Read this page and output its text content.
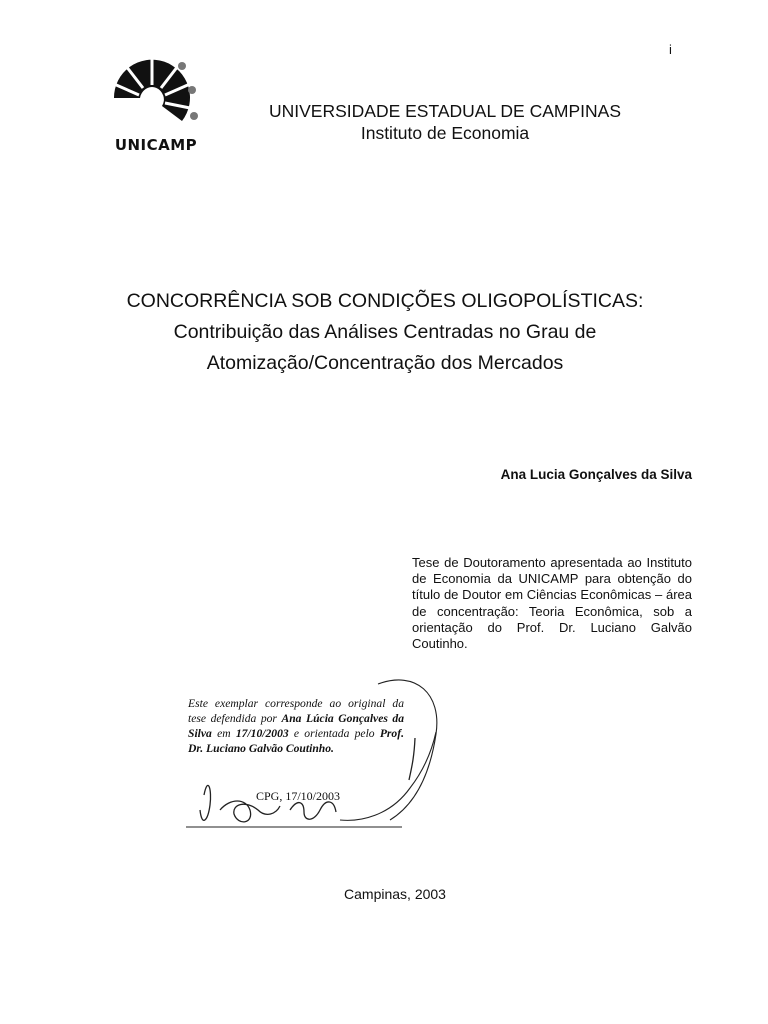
i
UNICAMP
UNIVERSIDADE ESTADUAL DE CAMPINAS
Instituto de Economia
CONCORRÊNCIA SOB CONDIÇÕES OLIGOPOLÍSTICAS:
Contribuição das Análises Centradas no Grau de
Atomização/Concentração dos Mercados
Ana Lucia Gonçalves da Silva
Tese de Doutoramento apresentada ao Instituto de Economia da UNICAMP para obtenção do título de Doutor em Ciências Econômicas – área de concentração: Teoria Econômica, sob a orientação do Prof. Dr. Luciano Galvão Coutinho.
Este exemplar corresponde ao original da tese defendida por Ana Lúcia Gonçalves da Silva em 17/10/2003 e orientada pelo Prof. Dr. Luciano Galvão Coutinho.
CPG, 17/10/2003
Campinas, 2003
